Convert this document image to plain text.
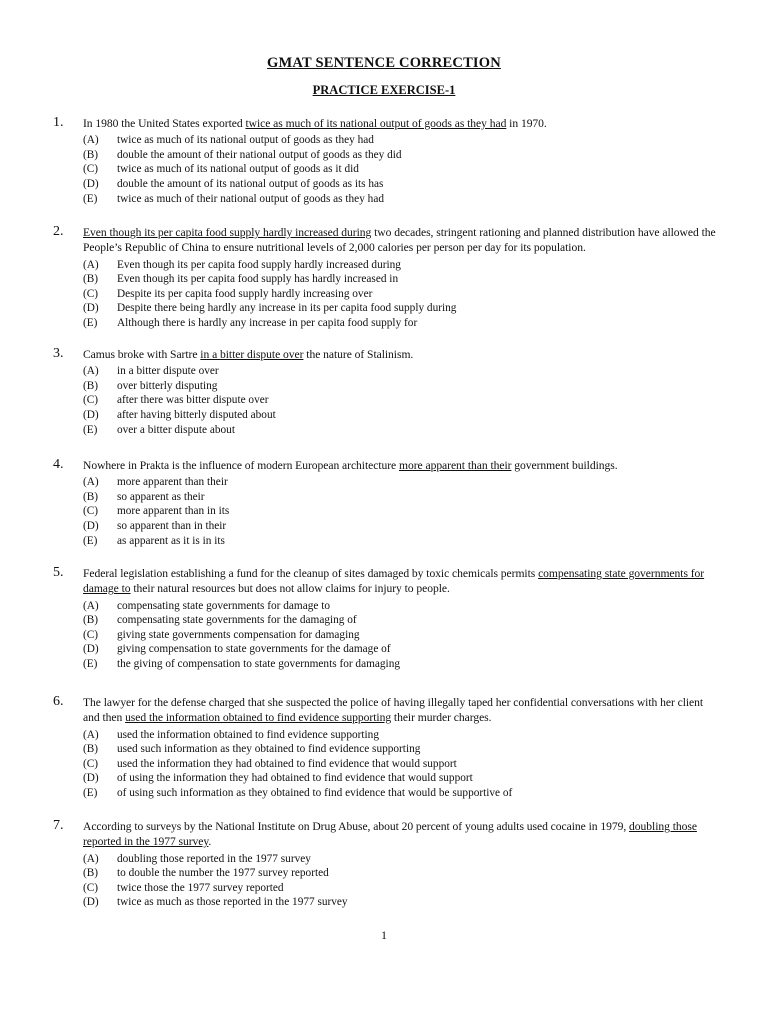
GMAT SENTENCE CORRECTION
PRACTICE EXERCISE-1
1. In 1980 the United States exported twice as much of its national output of goods as they had in 1970.
(A)	twice as much of its national output of goods as they had
(B)	double the amount of their national output of goods as they did
(C)	twice as much of its national output of goods as it did
(D)	double the amount of its national output of goods as its has
(E)	twice as much of their national output of goods as they had
2. Even though its per capita food supply hardly increased during two decades, stringent rationing and planned distribution have allowed the People’s Republic of China to ensure nutritional levels of 2,000 calories per person per day for its population.
(A)	Even though its per capita food supply hardly increased during
(B)	Even though its per capita food supply has hardly increased in
(C)	Despite its per capita food supply hardly increasing over
(D)	Despite there being hardly any increase in its per capita food supply during
(E)	Although there is hardly any increase in per capita food supply for
3. Camus broke with Sartre in a bitter dispute over the nature of Stalinism.
(A)	in a bitter dispute over
(B)	over bitterly disputing
(C)	after there was bitter dispute over
(D)	after having bitterly disputed about
(E)	over a bitter dispute about
4. Nowhere in Prakta is the influence of modern European architecture more apparent than their government buildings.
(A)	more apparent than their
(B)	so apparent as their
(C)	more apparent than in its
(D)	so apparent than in their
(E)	as apparent as it is in its
5. Federal legislation establishing a fund for the cleanup of sites damaged by toxic chemicals permits compensating state governments for damage to their natural resources but does not allow claims for injury to people.
(A)	compensating state governments for damage to
(B)	compensating state governments for the damaging of
(C)	giving state governments compensation for damaging
(D)	giving compensation to state governments for the damage of
(E)	the giving of compensation to state governments for damaging
6. The lawyer for the defense charged that she suspected the police of having illegally taped her confidential conversations with her client and then used the information obtained to find evidence supporting their murder charges.
(A)	used the information obtained to find evidence supporting
(B)	used such information as they obtained to find evidence supporting
(C)	used the information they had obtained to find evidence that would support
(D)	of using the information they had obtained to find evidence that would support
(E)	of using such information as they obtained to find evidence that would be supportive of
7. According to surveys by the National Institute on Drug Abuse, about 20 percent of young adults used cocaine in 1979, doubling those reported in the 1977 survey.
(A)	doubling those reported in the 1977 survey
(B)	to double the number the 1977 survey reported
(C)	twice those the 1977 survey reported
(D)	twice as much as those reported in the 1977 survey
1
